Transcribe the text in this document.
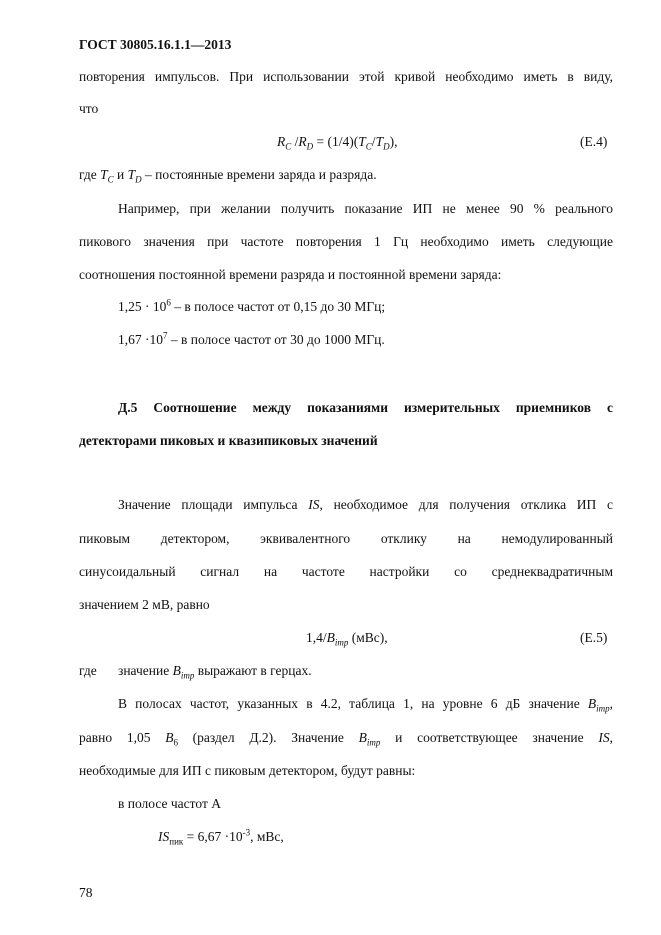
ГОСТ 30805.16.1.1—2013
повторения импульсов. При использовании этой кривой необходимо иметь в виду,
что
$R_C$ $/R_D = (1/4)(T_C/T_D)$,	(Е.4)
где $T_C$ и $T_D$ – постоянные времени заряда и разряда.
Например, при желании получить показание ИП не менее 90 % реального
пикового значения при частоте повторения 1 Гц необходимо иметь следующие
соотношения постоянной времени разряда и постоянной времени заряда:
$1,25 \cdot 10^6 - в$ полосе частот от 0,15 до 30 МГц;
$1,67 \cdot 10^7 - в$ полосе частот от 30 до 1000 МГц.
Д.5 Соотношение между показаниями измерительных приемников с
детекторами пиковых и квазипиковых значений
Значение площади импульса IS, необходимое для получения отклика ИП с
пиковым детектором, эквивалентного отклику на немодулированный
синусоидальный сигнал на частоте настройки со среднеквадратичным
значением 2 мВ, равно
$1,4/B_{imp}$ (мВс),	(Е.5)
где значение $B_{imp}$ выражают в герцах.
В полосах частот, указанных в 4.2, таблица 1, на уровне 6 дБ значение $B_{imp}$,
равно 1,05 $B_6$ (раздел Д.2). Значение $B_{imp}$ и соответствующее значение IS,
необходимые для ИП с пиковым детектором, будут равны:
в полосе частот А
$IS_{пик} = 6,67 \cdot 10^{-3}$, мВс,
78
